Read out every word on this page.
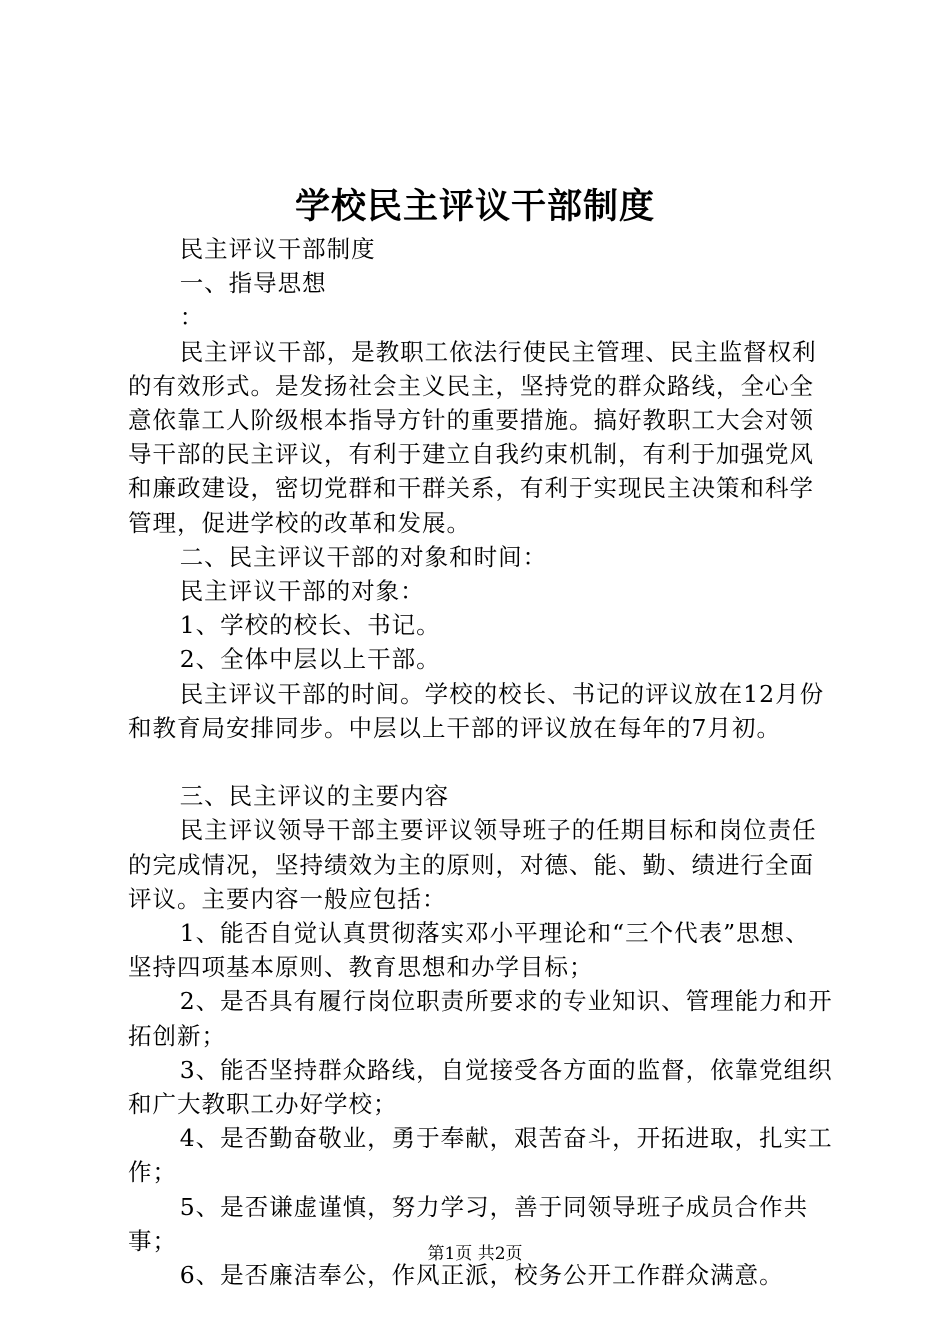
学校民主评议干部制度

民主评议干部制度

一、指导思想

：

民主评议干部，是教职工依法行使民主管理、民主监督权利的有效形式。是发扬社会主义民主，坚持党的群众路线，全心全意依靠工人阶级根本指导方针的重要措施。搞好教职工大会对领导干部的民主评议，有利于建立自我约束机制，有利于加强党风和廉政建设，密切党群和干群关系，有利于实现民主决策和科学管理，促进学校的改革和发展。

二、民主评议干部的对象和时间：

民主评议干部的对象：

1、学校的校长、书记。

2、全体中层以上干部。

民主评议干部的时间。学校的校长、书记的评议放在12月份和教育局安排同步。中层以上干部的评议放在每年的7月初。

三、民主评议的主要内容

民主评议领导干部主要评议领导班子的任期目标和岗位责任的完成情况，坚持绩效为主的原则，对德、能、勤、绩进行全面评议。主要内容一般应包括：

1、能否自觉认真贯彻落实邓小平理论和“三个代表”思想、坚持四项基本原则、教育思想和办学目标；

2、是否具有履行岗位职责所要求的专业知识、管理能力和开拓创新；

3、能否坚持群众路线，自觉接受各方面的监督，依靠党组织和广大教职工办好学校；

4、是否勤奋敬业，勇于奉献，艰苦奋斗，开拓进取，扎实工作；

5、是否谦虚谨慎，努力学习，善于同领导班子成员合作共事；

6、是否廉洁奉公，作风正派，校务公开工作群众满意。

第1页 共2页
